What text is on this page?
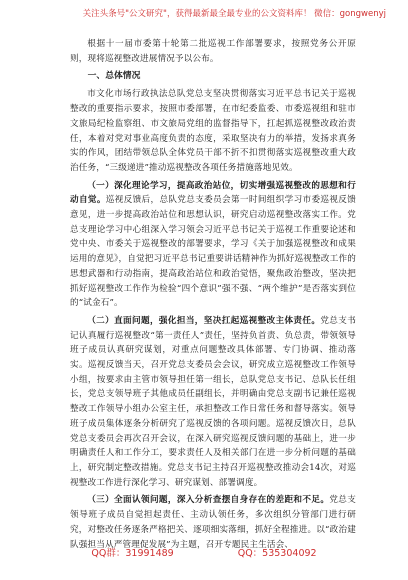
关注头条号"公文研究"，获得最新最全最专业的公文资料库！ 微信：gongwenyj

根据十一届市委第十轮第二批巡视工作部署要求，按照党务公开原则，现将巡视整改进展情况予以公布。

一、总体情况

市文化市场行政执法总队党总支坚决贯彻落实习近平总书记关于巡视整改的重要指示要求，按照市委部署，在市纪委监委、市委巡视组和驻市文旅局纪检监察组、市文旅局党组的监督指导下，扛起抓巡视整改政治责任，本着对党对事业高度负责的态度，采取坚决有力的举措，发扬求真务实的作风，团结带领总队全体党员干部不折不扣贯彻落实巡视整改重大政治任务，“三级递进”推动巡视整改各项任务措施落地见效。

（一）深化理论学习，提高政治站位，切实增强巡视整改的思想和行动自觉。巡视反馈后，总队党总支委员会第一时间组织学习市委巡视反馈意见，进一步提高政治站位和思想认识，研究启动巡视整改落实工作。党总支理论学习中心组深入学习领会习近平总书记关于巡视工作重要论述和党中央、市委关于巡视整改的部署要求，学习《关于加强巡视整改和成果运用的意见》，自觉把习近平总书记重要讲话精神作为抓好巡视整改工作的思想武器和行动指南，提高政治站位和政治觉悟，聚焦政治整改，坚决把抓好巡视整改工作作为检验“四个意识”强不强、“两个维护”是否落实到位的“试金石”。

（二）直面问题，强化担当，坚决扛起巡视整改主体责任。党总支书记认真履行巡视整改“第一责任人”责任，坚持负首责、负总责，带领领导班子成员认真研究谋划，对重点问题整改具体部署、专门协调、推动落实。巡视反馈当天，召开党总支委员会会议，研究成立巡视整改工作领导小组，按要求由主管市领导担任第一组长，总队党总支书记、总队长任组长，党总支领导班子其他成员任副组长，并明确由党总支副书记兼任巡视整改工作领导小组办公室主任，承担整改工作日常任务和督导落实。领导班子成员集体逐条分析研究了巡视反馈的各项问题。巡视反馈次日，总队党总支委员会再次召开会议，在深入研究巡视反馈问题的基础上，进一步明确责任人和工作分工，要求责任人及相关部门在进一步分析问题的基础上，研究制定整改措施。党总支书记主持召开巡视整改推动会14次，对巡视整改工作进行深化学习、研究谋划、部署调度。

（三）全面认领问题，深入分析查摆自身存在的差距和不足。党总支领导班子成员自觉担起责任、主动认领任务，多次组织分管部门进行研究，对整改任务逐条严格把关、逐项细实落细，抓好全程推进。以“政治建队强担当从严管理促发展”为主题，召开专题民主生活会、

QQ群：31991489	QQ：535304092
